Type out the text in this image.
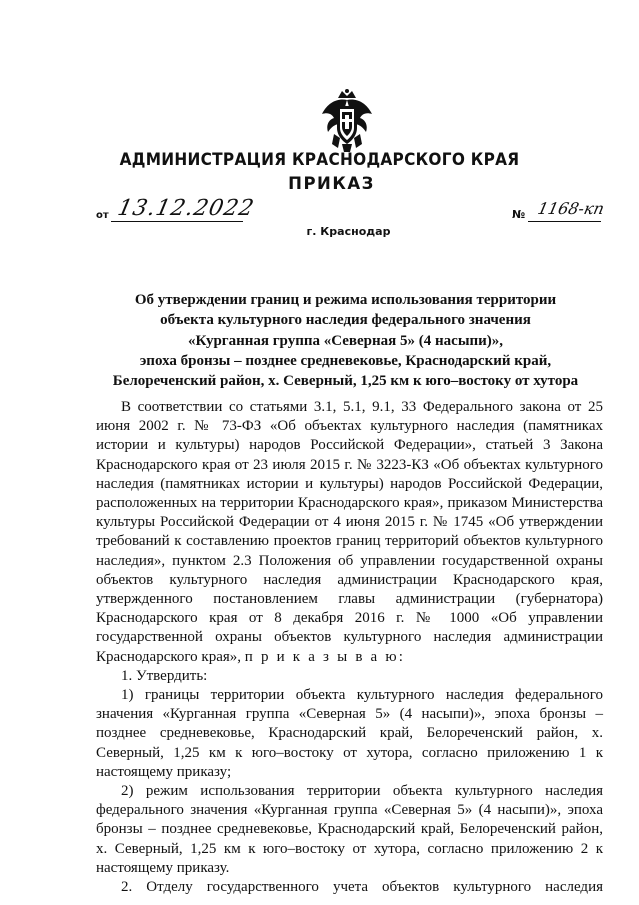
АДМИНИСТРАЦИЯ КРАСНОДАРСКОГО КРАЯ
ПРИКАЗ
от 13.12.2022	№ 1168-кп
г. Краснодар
Об утверждении границ и режима использования территории
объекта культурного наследия федерального значения
«Курганная группа «Северная 5» (4 насыпи)»,
эпоха бронзы – позднее средневековье, Краснодарский край,
Белореченский район, х. Северный, 1,25 км к юго–востоку от хутора

В соответствии со статьями 3.1, 5.1, 9.1, 33 Федерального закона от 25 июня 2002 г. № 73-ФЗ «Об объектах культурного наследия (памятниках истории и культуры) народов Российской Федерации», статьей 3 Закона Краснодарского края от 23 июля 2015 г. № 3223-КЗ «Об объектах культурного наследия (памятниках истории и культуры) народов Российской Федерации, расположенных на территории Краснодарского края», приказом Министерства культуры Российской Федерации от 4 июня 2015 г. № 1745 «Об утверждении требований к составлению проектов границ территорий объектов культурного наследия», пунктом 2.3 Положения об управлении государственной охраны объектов культурного наследия администрации Краснодарского края, утвержденного постановлением главы администрации (губернатора) Краснодарского края от 8 декабря 2016 г. № 1000 «Об управлении государственной охраны объектов культурного наследия администрации Краснодарского края», п р и к а з ы в а ю:

1. Утвердить:

1) границы территории объекта культурного наследия федерального значения «Курганная группа «Северная 5» (4 насыпи)», эпоха бронзы – позднее средневековье, Краснодарский край, Белореченский район, х. Северный, 1,25 км к юго–востоку от хутора, согласно приложению 1 к настоящему приказу;

2) режим использования территории объекта культурного наследия федерального значения «Курганная группа «Северная 5» (4 насыпи)», эпоха бронзы – позднее средневековье, Краснодарский край, Белореченский район, х. Северный, 1,25 км к юго–востоку от хутора, согласно приложению 2 к настоящему приказу.

2. Отделу государственного учета объектов культурного наследия
